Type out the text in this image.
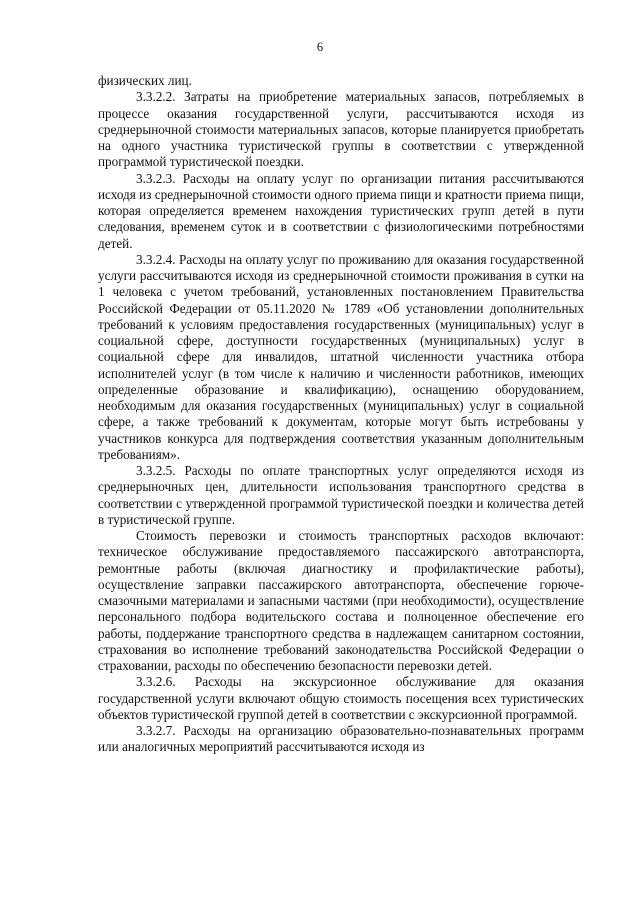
6

физических лиц.

3.3.2.2. Затраты на приобретение материальных запасов, потребляемых в процессе оказания государственной услуги, рассчитываются исходя из среднерыночной стоимости материальных запасов, которые планируется приобретать на одного участника туристической группы в соответствии с утвержденной программой туристической поездки.

3.3.2.3. Расходы на оплату услуг по организации питания рассчитываются исходя из среднерыночной стоимости одного приема пищи и кратности приема пищи, которая определяется временем нахождения туристических групп детей в пути следования, временем суток и в соответствии с физиологическими потребностями детей.

3.3.2.4. Расходы на оплату услуг по проживанию для оказания государственной услуги рассчитываются исходя из среднерыночной стоимости проживания в сутки на 1 человека с учетом требований, установленных постановлением Правительства Российской Федерации от 05.11.2020 № 1789 «Об установлении дополнительных требований к условиям предоставления государственных (муниципальных) услуг в социальной сфере, доступности государственных (муниципальных) услуг в социальной сфере для инвалидов, штатной численности участника отбора исполнителей услуг (в том числе к наличию и численности работников, имеющих определенные образование и квалификацию), оснащению оборудованием, необходимым для оказания государственных (муниципальных) услуг в социальной сфере, а также требований к документам, которые могут быть истребованы у участников конкурса для подтверждения соответствия указанным дополнительным требованиям».

3.3.2.5. Расходы по оплате транспортных услуг определяются исходя из среднерыночных цен, длительности использования транспортного средства в соответствии с утвержденной программой туристической поездки и количества детей в туристической группе.

Стоимость перевозки и стоимость транспортных расходов включают: техническое обслуживание предоставляемого пассажирского автотранспорта, ремонтные работы (включая диагностику и профилактические работы), осуществление заправки пассажирского автотранспорта, обеспечение горюче-смазочными материалами и запасными частями (при необходимости), осуществление персонального подбора водительского состава и полноценное обеспечение его работы, поддержание транспортного средства в надлежащем санитарном состоянии, страхования во исполнение требований законодательства Российской Федерации о страховании, расходы по обеспечению безопасности перевозки детей.

3.3.2.6. Расходы на экскурсионное обслуживание для оказания государственной услуги включают общую стоимость посещения всех туристических объектов туристической группой детей в соответствии с экскурсионной программой.

3.3.2.7. Расходы на организацию образовательно-познавательных программ или аналогичных мероприятий рассчитываются исходя из
